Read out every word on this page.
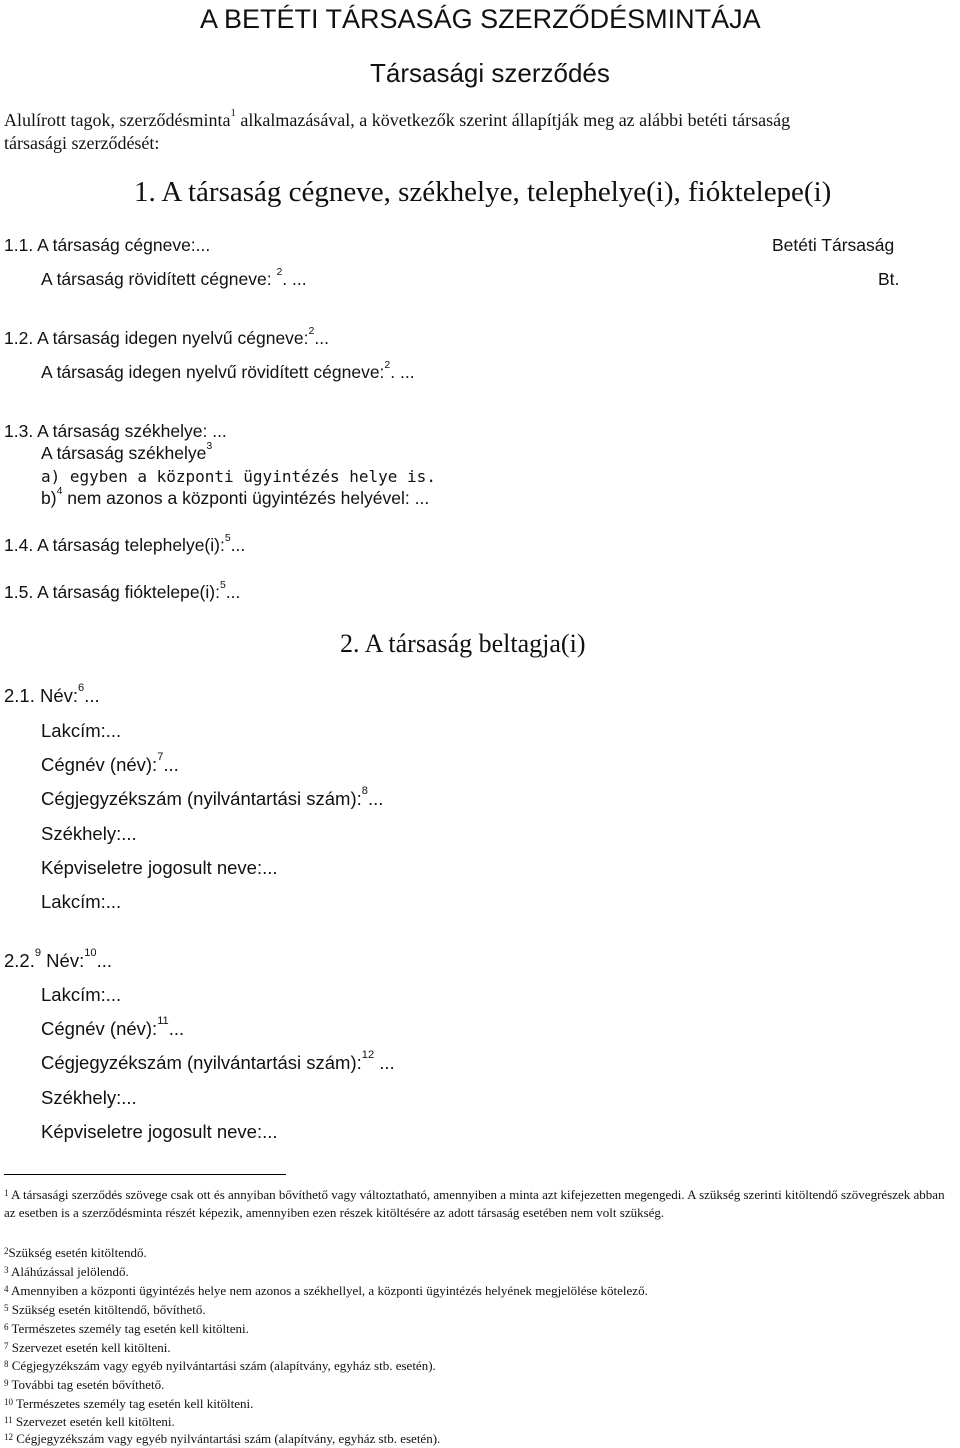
A BETÉTI TÁRSASÁG SZERZŐDÉSMINTÁJA
Társasági szerződés
Alulírott tagok, szerződésminta$^1$ alkalmazásával, a következők szerint állapítják meg az alábbi betéti társaság
társasági szerződését:
1. A társaság cégneve, székhelye, telephelye(i), fióktelepe(i)
1.1. A társaság cégneve:...	Betéti Társaság
A társaság rövidített cégneve: $^2$. ...	Bt.
1.2. A társaság idegen nyelvű cégneve:$^2$...
A társaság idegen nyelvű rövidített cégneve:$^2$. ...
1.3. A társaság székhelye: ...
A társaság székhelye$^3$
a) egyben a központi ügyintézés helye is.
b)$^4$ nem azonos a központi ügyintézés helyével: ...
1.4. A társaság telephelye(i):$^5$...
1.5. A társaság fióktelepe(i):$^5$...
2. A társaság beltagja(i)
2.1. Név:$^6$...
Lakcím:...
Cégnév (név):$^7$...
Cégjegyzékszám (nyilvántartási szám):$^8$...
Székhely:...
Képviseletre jogosult neve:...
Lakcím:...
2.2.$^9$ Név:$^{10}$...
Lakcím:...
Cégnév (név):$^{11}$...
Cégjegyzékszám (nyilvántartási szám):$^{12}$ ...
Székhely:...
Képviseletre jogosult neve:...
$^1$ A társasági szerződés szövege csak ott és annyiban bővíthető vagy változtatható, amennyiben a minta azt kifejezetten megengedi. A szükség szerinti kitöltendő szövegrészek abban az esetben is a szerződésminta részét képezik, amennyiben ezen részek kitöltésére az adott társaság esetében nem volt szükség.
$^2$Szükség esetén kitöltendő.
$^3$ Aláhúzással jelölendő.
$^4$ Amennyiben a központi ügyintézés helye nem azonos a székhellyel, a központi ügyintézés helyének megjelölése kötelező.
$^5$ Szükség esetén kitöltendő, bővíthető.
$^6$ Természetes személy tag esetén kell kitölteni.
$^7$ Szervezet esetén kell kitölteni.
$^8$ Cégjegyzékszám vagy egyéb nyilvántartási szám (alapítvány, egyház stb. esetén).
$^9$ További tag esetén bővíthető.
$^{10}$ Természetes személy tag esetén kell kitölteni.
$^{11}$ Szervezet esetén kell kitölteni.
$^{12}$ Cégjegyzékszám vagy egyéb nyilvántartási szám (alapítvány, egyház stb. esetén).
